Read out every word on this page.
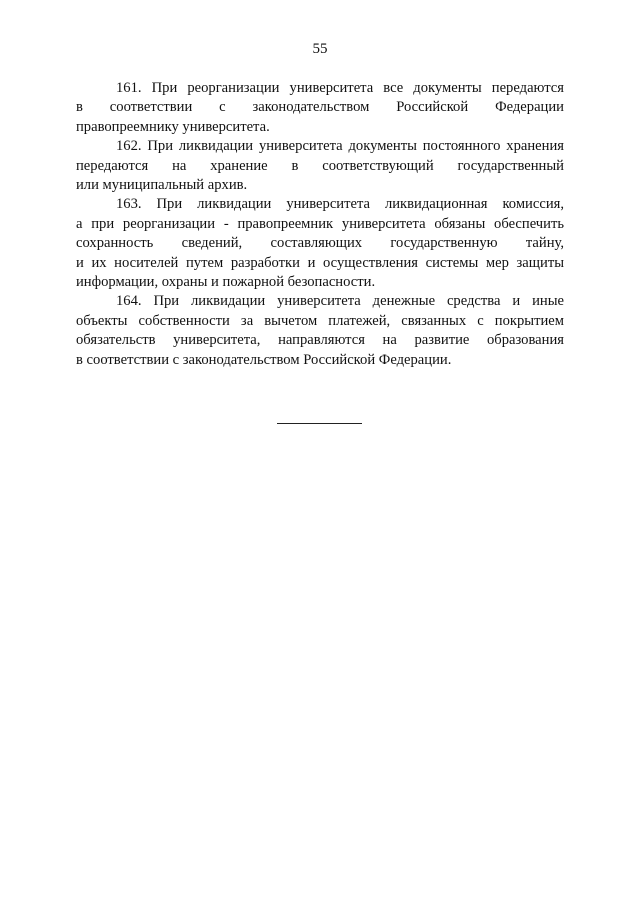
55
161. При реорганизации университета все документы передаются
в соответствии с законодательством Российской Федерации
правопреемнику университета.
162. При ликвидации университета документы постоянного хранения
передаются на хранение в соответствующий государственный
или муниципальный архив.
163. При ликвидации университета ликвидационная комиссия,
а при реорганизации - правопреемник университета обязаны обеспечить
сохранность сведений, составляющих государственную тайну,
и их носителей путем разработки и осуществления системы мер защиты
информации, охраны и пожарной безопасности.
164. При ликвидации университета денежные средства и иные
объекты собственности за вычетом платежей, связанных с покрытием
обязательств университета, направляются на развитие образования
в соответствии с законодательством Российской Федерации.
